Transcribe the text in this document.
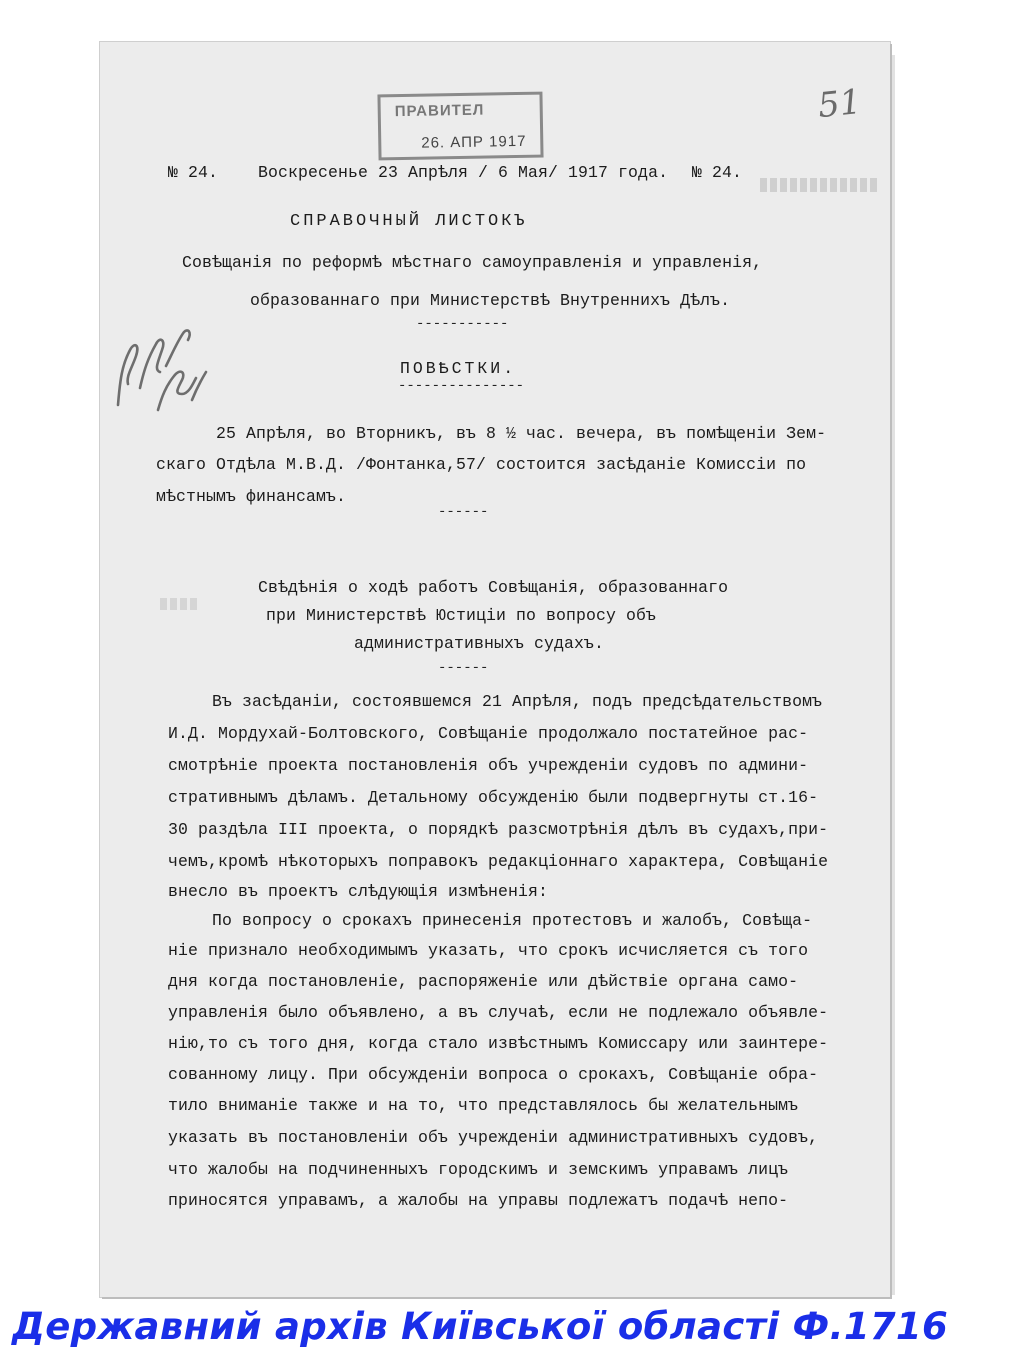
ПРАВИТЕЛ
26. АПР 1917
51
№ 24. Воскресенье 23 Апрѣля / 6 Мая/ 1917 года. № 24.
СПРАВОЧНЫЙ ЛИСТОКЪ
Совѣщанія по реформѣ мѣстнаго самоуправленія и управленія,
образованнаго при Министерствѣ Внутреннихъ Дѣлъ.
-----------
ПОВѢСТКИ.
---------------
25 Апрѣля, во Вторникъ, въ 8 ½ час. вечера, въ помѣщеніи Зем-
скаго Отдѣла М.В.Д. /Фонтанка,57/ состоится засѣданіе Комиссіи по
мѣстнымъ финансамъ.
------
Свѣдѣнія о ходѣ работъ Совѣщанія, образованнаго
при Министерствѣ Юстиціи по вопросу объ
административныхъ судахъ.
------
Въ засѣданіи, состоявшемся 21 Апрѣля, подъ предсѣдательствомъ
И.Д. Мордухай-Болтовского, Совѣщаніе продолжало постатейное рас-
смотрѣніе проекта постановленія объ учрежденіи судовъ по админи-
стративнымъ дѣламъ. Детальному обсужденію были подвергнуты ст.16-
30 раздѣла III проекта, о порядкѣ разсмотрѣнія дѣлъ въ судахъ,при-
чемъ,кромѣ нѣкоторыхъ поправокъ редакціоннаго характера, Совѣщаніе
внесло въ проектъ слѣдующія измѣненія:
По вопросу о срокахъ принесенія протестовъ и жалобъ, Совѣща-
ніе признало необходимымъ указать, что срокъ исчисляется съ того
дня когда постановленіе, распоряженіе или дѣйствіе органа само-
управленія было объявлено, а въ случаѣ, если не подлежало объявле-
нію,то съ того дня, когда стало извѣстнымъ Комиссару или заинтере-
сованному лицу. При обсужденіи вопроса о срокахъ, Совѣщаніе обра-
тило вниманіе также и на то, что представлялось бы желательнымъ
указать въ постановленіи объ учрежденіи административныхъ судовъ,
что жалобы на подчиненныхъ городскимъ и земскимъ управамъ лицъ
приносятся управамъ, а жалобы на управы подлежатъ подачѣ непо-
Державний архів Київської області Ф.1716
